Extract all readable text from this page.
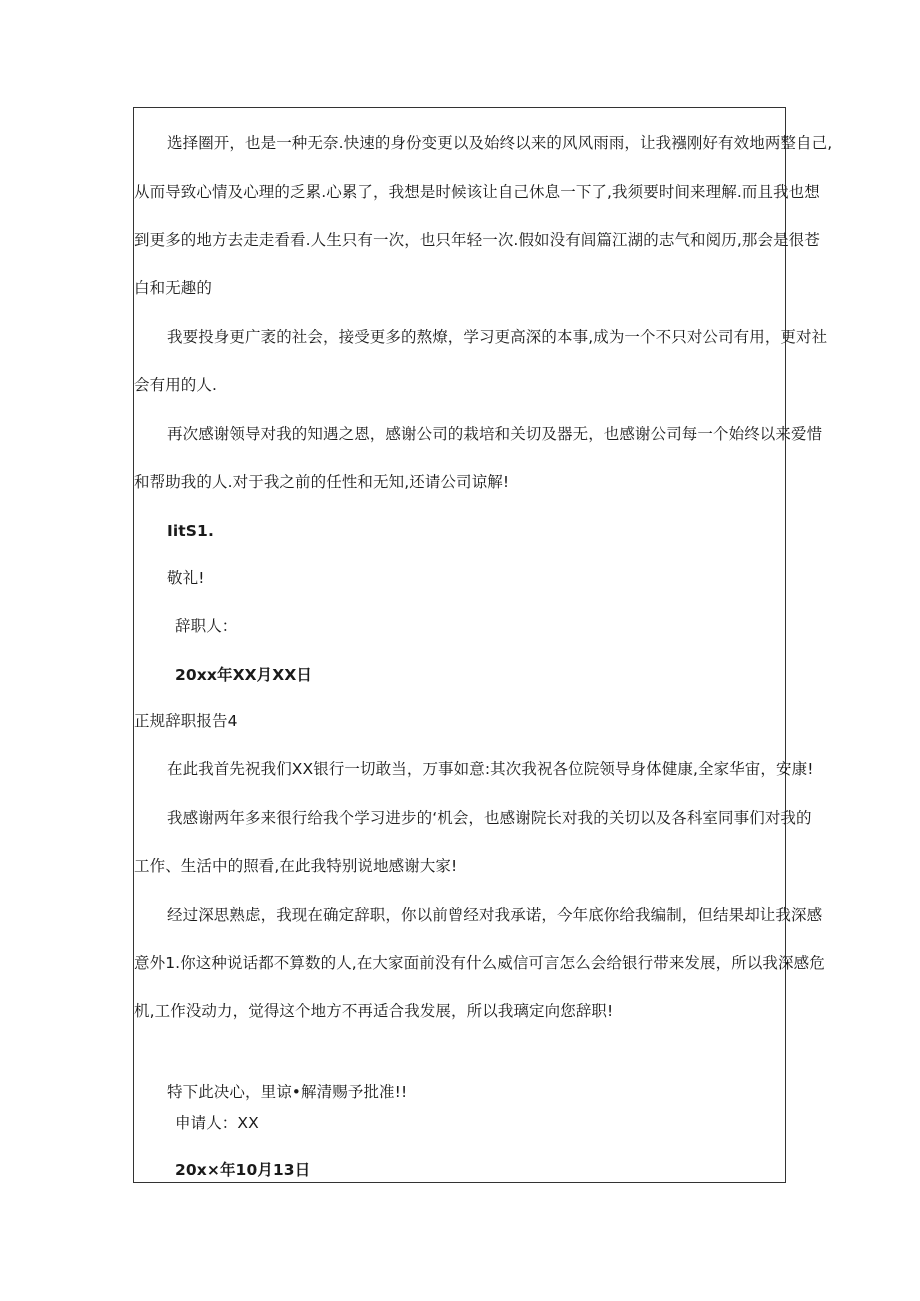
选择圈开，也是一种无奈.快速的身份变更以及始终以来的风风雨雨，让我襁刚好有效地两整自己,
从而导致心情及心理的乏累.心累了，我想是时候该让自己休息一下了,我须要时间来理解.而且我也想
到更多的地方去走走看看.人生只有一次，也只年轻一次.假如没有闾篇江湖的志气和阅历,那会是很苍
白和无趣的
我要投身更广袤的社会，接受更多的熬燎，学习更高深的本事,成为一个不只对公司有用，更对社
会有用的人.
再次感谢领导对我的知遇之恩，感谢公司的栽培和关切及器无，也感谢公司每一个始终以来爱惜
和帮助我的人.对于我之前的任性和无知,还请公司谅解!
IitS1.
敬礼!
辞职人：
20xx年XX月XX日
正规辞职报告4
在此我首先祝我们XX银行一切敢当，万事如意:其次我祝各位院领导身体健康,全家华宙，安康!
我感谢两年多来很行给我个学习进步的‘机会，也感谢院长对我的关切以及各科室同事们对我的
工作、生活中的照看,在此我特别说地感谢大家!
经过深思熟虑，我现在确定辞职，你以前曾经对我承诺，今年底你给我编制，但结果却让我深感
意外1.你这种说话都不算数的人,在大家面前没有什么威信可言怎么会给银行带来发展，所以我深感危
机,工作没动力，觉得这个地方不再适合我发展，所以我璃定向您辞职!
特下此决心，里谅•解清赐予批准!!
申请人：XX
20x×年10月13日
